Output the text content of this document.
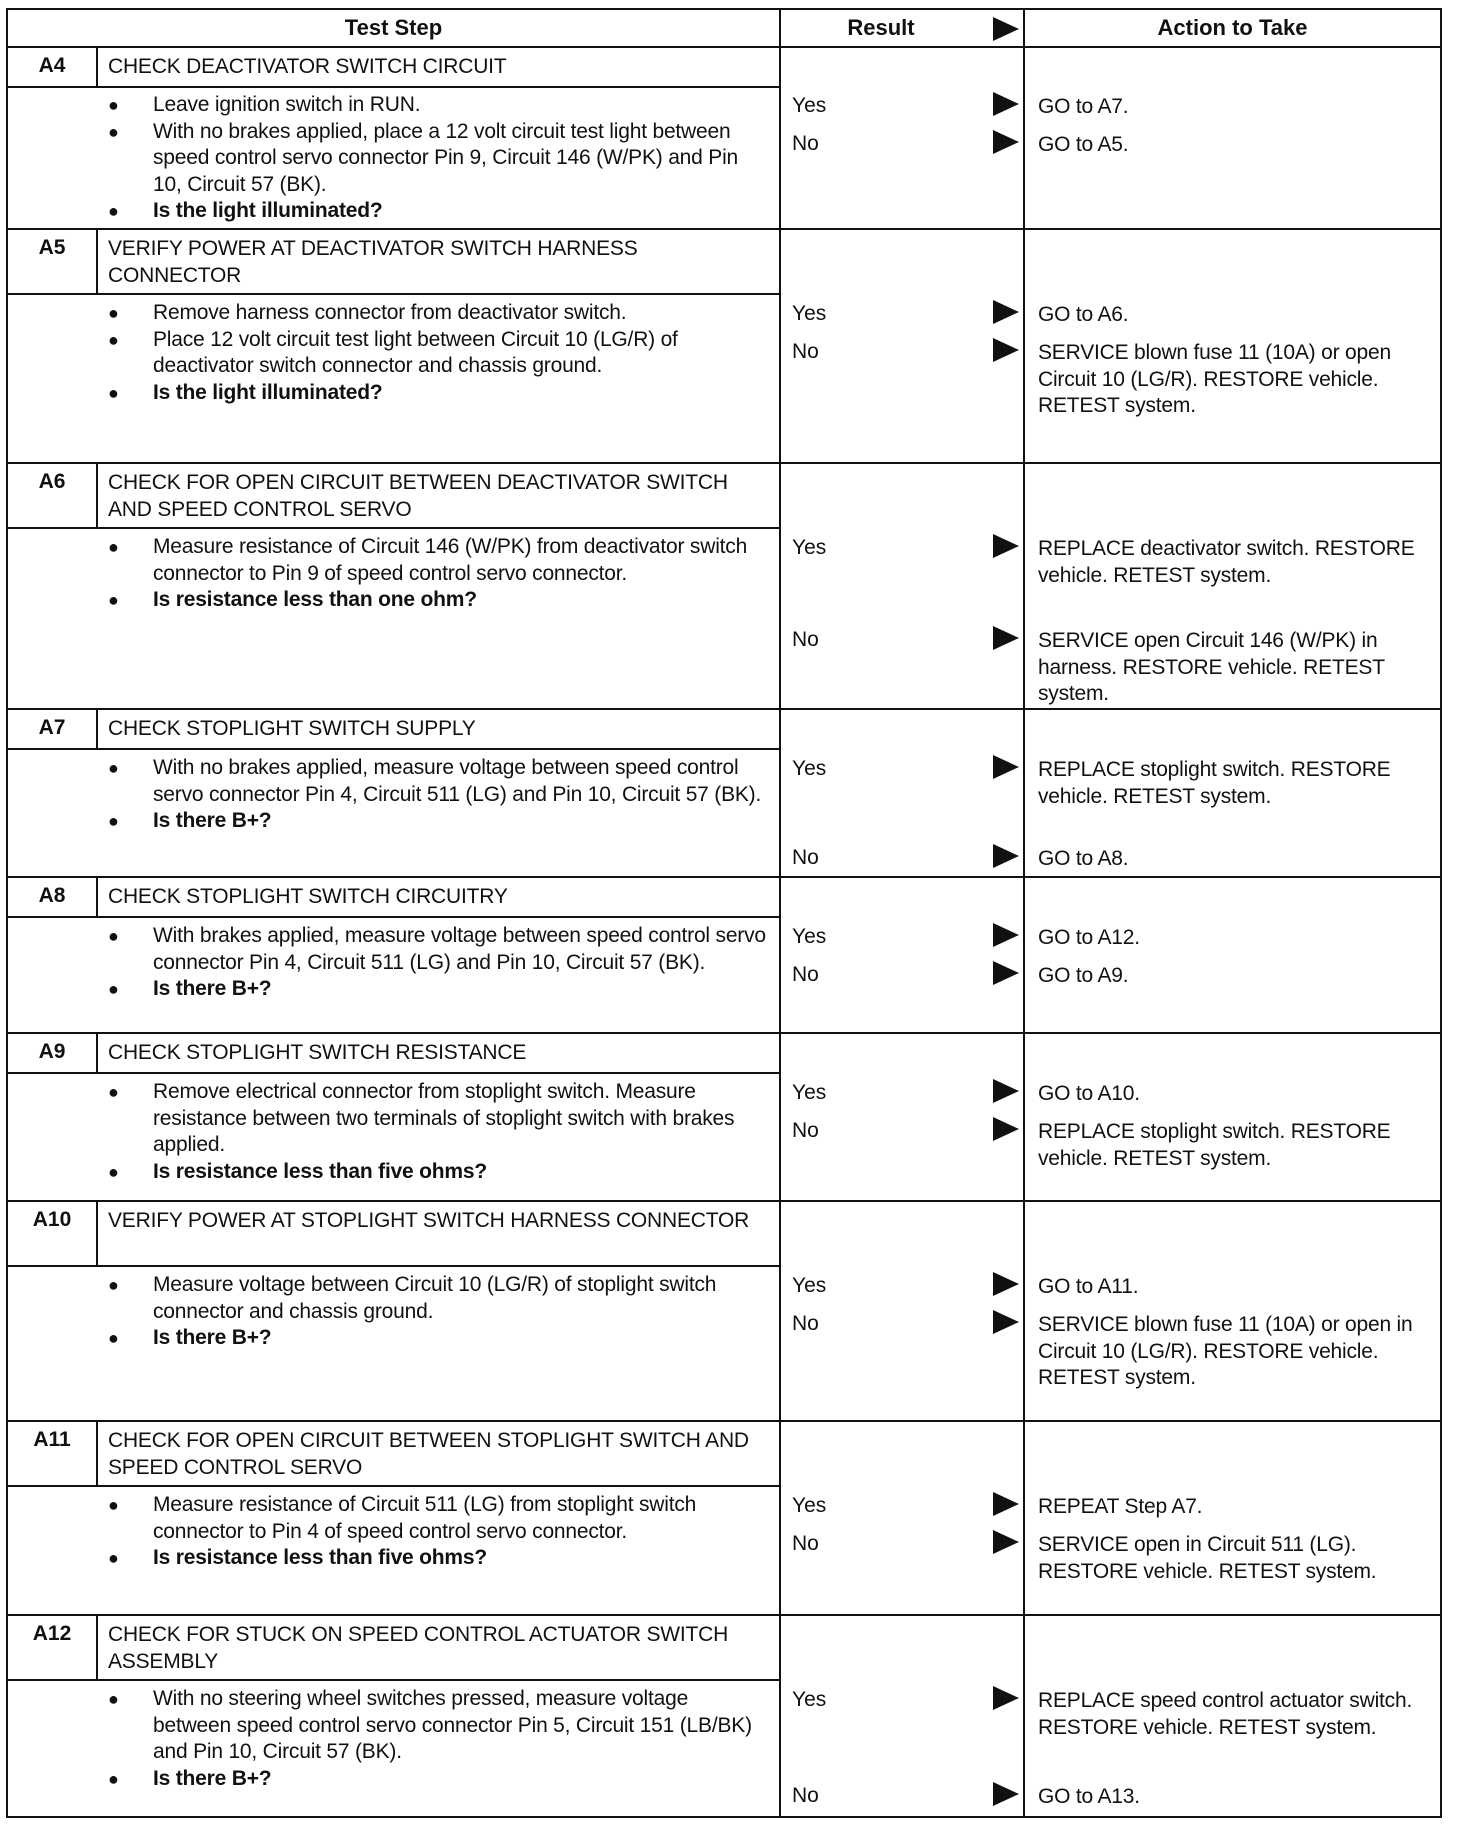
Test Step	Result	Action to Take
A4	CHECK DEACTIVATOR SWITCH CIRCUIT
● Leave ignition switch in RUN.
● With no brakes applied, place a 12 volt circuit test light between speed control servo connector Pin 9, Circuit 146 (W/PK) and Pin 10, Circuit 57 (BK).
● Is the light illuminated?
Yes	GO to A7.
No	GO to A5.
A5	VERIFY POWER AT DEACTIVATOR SWITCH HARNESS CONNECTOR
● Remove harness connector from deactivator switch.
● Place 12 volt circuit test light between Circuit 10 (LG/R) of deactivator switch connector and chassis ground.
● Is the light illuminated?
Yes	GO to A6.
No	SERVICE blown fuse 11 (10A) or open Circuit 10 (LG/R). RESTORE vehicle. RETEST system.
A6	CHECK FOR OPEN CIRCUIT BETWEEN DEACTIVATOR SWITCH AND SPEED CONTROL SERVO
● Measure resistance of Circuit 146 (W/PK) from deactivator switch connector to Pin 9 of speed control servo connector.
● Is resistance less than one ohm?
Yes	REPLACE deactivator switch. RESTORE vehicle. RETEST system.
No	SERVICE open Circuit 146 (W/PK) in harness. RESTORE vehicle. RETEST system.
A7	CHECK STOPLIGHT SWITCH SUPPLY
● With no brakes applied, measure voltage between speed control servo connector Pin 4, Circuit 511 (LG) and Pin 10, Circuit 57 (BK).
● Is there B+?
Yes	REPLACE stoplight switch. RESTORE vehicle. RETEST system.
No	GO to A8.
A8	CHECK STOPLIGHT SWITCH CIRCUITRY
● With brakes applied, measure voltage between speed control servo connector Pin 4, Circuit 511 (LG) and Pin 10, Circuit 57 (BK).
● Is there B+?
Yes	GO to A12.
No	GO to A9.
A9	CHECK STOPLIGHT SWITCH RESISTANCE
● Remove electrical connector from stoplight switch. Measure resistance between two terminals of stoplight switch with brakes applied.
● Is resistance less than five ohms?
Yes	GO to A10.
No	REPLACE stoplight switch. RESTORE vehicle. RETEST system.
A10	VERIFY POWER AT STOPLIGHT SWITCH HARNESS CONNECTOR
● Measure voltage between Circuit 10 (LG/R) of stoplight switch connector and chassis ground.
● Is there B+?
Yes	GO to A11.
No	SERVICE blown fuse 11 (10A) or open in Circuit 10 (LG/R). RESTORE vehicle. RETEST system.
A11	CHECK FOR OPEN CIRCUIT BETWEEN STOPLIGHT SWITCH AND SPEED CONTROL SERVO
● Measure resistance of Circuit 511 (LG) from stoplight switch connector to Pin 4 of speed control servo connector.
● Is resistance less than five ohms?
Yes	REPEAT Step A7.
No	SERVICE open in Circuit 511 (LG). RESTORE vehicle. RETEST system.
A12	CHECK FOR STUCK ON SPEED CONTROL ACTUATOR SWITCH ASSEMBLY
● With no steering wheel switches pressed, measure voltage between speed control servo connector Pin 5, Circuit 151 (LB/BK) and Pin 10, Circuit 57 (BK).
● Is there B+?
Yes	REPLACE speed control actuator switch. RESTORE vehicle. RETEST system.
No	GO to A13.
